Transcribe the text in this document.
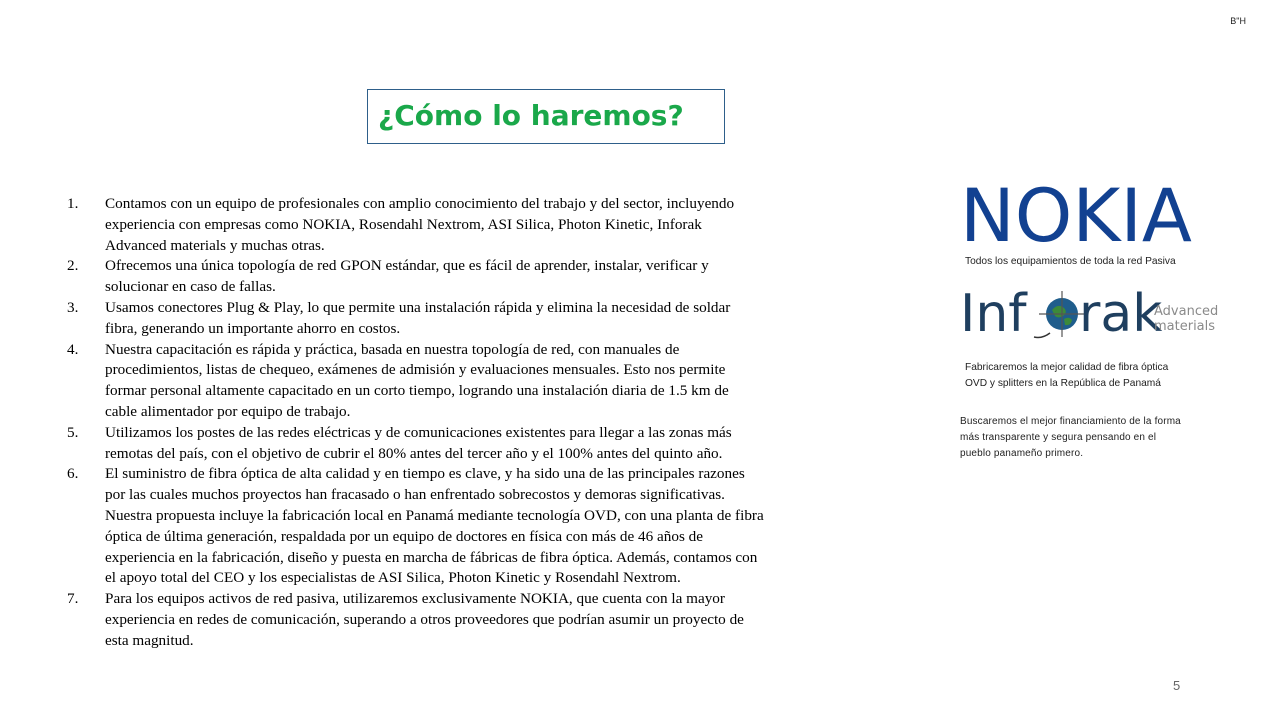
B"H
¿Cómo lo haremos?
1. Contamos con un equipo de profesionales con amplio conocimiento del trabajo y del sector, incluyendo
experiencia con empresas como NOKIA, Rosendahl Nextrom, ASI Silica, Photon Kinetic, Inforak
Advanced materials y muchas otras.
2. Ofrecemos una única topología de red GPON estándar, que es fácil de aprender, instalar, verificar y
solucionar en caso de fallas.
3. Usamos conectores Plug & Play, lo que permite una instalación rápida y elimina la necesidad de soldar
fibra, generando un importante ahorro en costos.
4. Nuestra capacitación es rápida y práctica, basada en nuestra topología de red, con manuales de
procedimientos, listas de chequeo, exámenes de admisión y evaluaciones mensuales. Esto nos permite
formar personal altamente capacitado en un corto tiempo, logrando una instalación diaria de 1.5 km de
cable alimentador por equipo de trabajo.
5. Utilizamos los postes de las redes eléctricas y de comunicaciones existentes para llegar a las zonas más
remotas del país, con el objetivo de cubrir el 80% antes del tercer año y el 100% antes del quinto año.
6. El suministro de fibra óptica de alta calidad y en tiempo es clave, y ha sido una de las principales razones
por las cuales muchos proyectos han fracasado o han enfrentado sobrecostos y demoras significativas.
Nuestra propuesta incluye la fabricación local en Panamá mediante tecnología OVD, con una planta de fibra
óptica de última generación, respaldada por un equipo de doctores en física con más de 46 años de
experiencia en la fabricación, diseño y puesta en marcha de fábricas de fibra óptica. Además, contamos con
el apoyo total del CEO y los especialistas de ASI Silica, Photon Kinetic y Rosendahl Nextrom.
7. Para los equipos activos de red pasiva, utilizaremos exclusivamente NOKIA, que cuenta con la mayor
experiencia en redes de comunicación, superando a otros proveedores que podrían asumir un proyecto de
esta magnitud.
NOKIA
Todos los equipamientos de toda la red Pasiva
Inf rak
Advanced
materials
Fabricaremos la mejor calidad de fibra óptica
OVD y splitters en la República de Panamá
Buscaremos el mejor financiamiento de la forma
más transparente y segura pensando en el
pueblo panameño primero.
5
